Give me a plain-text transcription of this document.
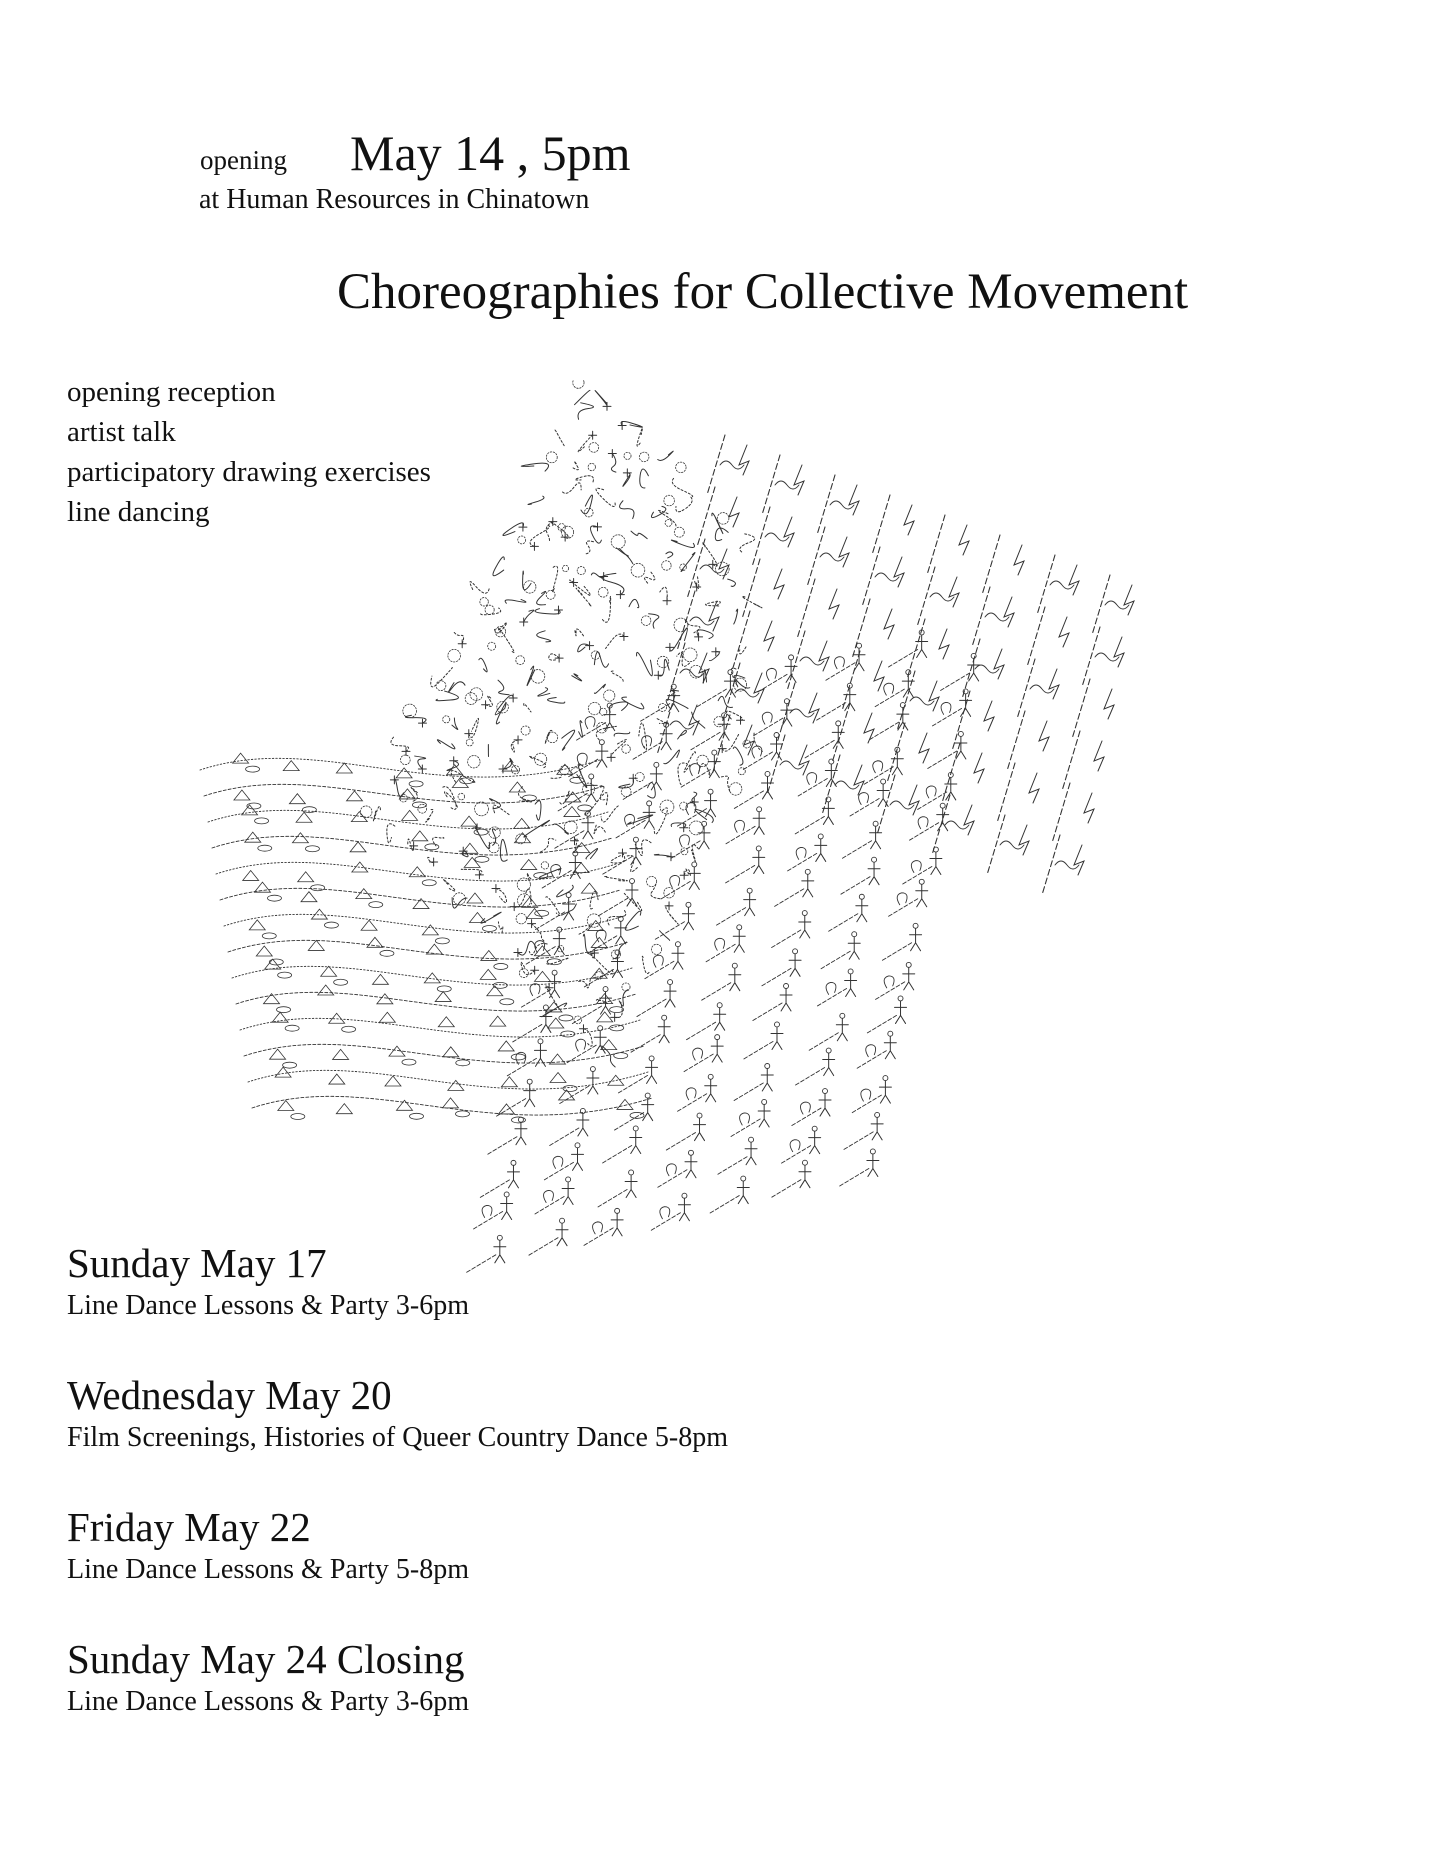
opening May 14 , 5pm
at Human Resources in Chinatown
Choreographies for Collective Movement
opening reception
artist talk
participatory drawing exercises
line dancing
Sunday May 17
Line Dance Lessons & Party 3-6pm
Wednesday May 20
Film Screenings, Histories of Queer Country Dance 5-8pm
Friday May 22
Line Dance Lessons & Party 5-8pm
Sunday May 24 Closing
Line Dance Lessons & Party 3-6pm
